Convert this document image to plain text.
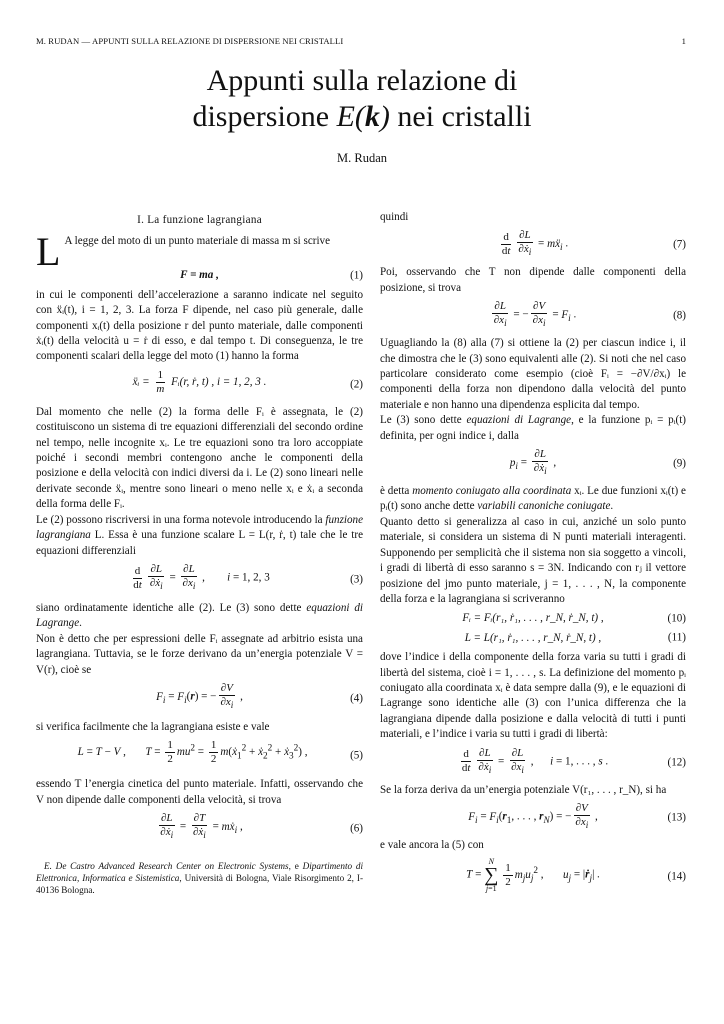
M. RUDAN — APPUNTI SULLA RELAZIONE DI DISPERSIONE NEI CRISTALLI	1
Appunti sulla relazione di
dispersione E(k) nei cristalli
M. Rudan
I. La funzione lagrangiana

L A legge del moto di un punto materiale di massa m si scrive

F = ma ,	(1)

in cui le componenti dell’accelerazione a saranno indicate nel seguito con ẍᵢ(t), i = 1, 2, 3. La forza F dipende, nel caso più generale, dalle componenti xᵢ(t) della posizione r del punto materiale, dalle componenti ẋᵢ(t) della velocità u = ṙ di esso, e dal tempo t. Di conseguenza, le tre componenti scalari della legge del moto (1) hanno la forma

ẍᵢ = $\frac{1}{m}$ Fᵢ(r, ṙ, t) , i = 1, 2, 3 .	(2)

Dal momento che nelle (2) la forma delle Fᵢ è assegnata, le (2) costituiscono un sistema di tre equazioni differenziali del secondo ordine nel tempo, nelle incognite xᵢ. Le tre equazioni sono tra loro accoppiate poiché i secondi membri contengono anche le componenti della posizione e della velocità con indici diversi da i. Le (2) sono lineari nelle derivate seconde ẍᵢ, mentre sono lineari o meno nelle xᵢ e ẋᵢ a seconda della forma delle Fᵢ.

Le (2) possono riscriversi in una forma notevole introducendo la funzione lagrangiana L. Essa è una funzione scalare L = L(r, ṙ, t) tale che le tre equazioni differenziali

$\frac{d}{dt} \frac{\partial L}{\partial ẋ_i} = \frac{\partial L}{\partial x_i}$ ,        i = 1, 2, 3	(3)

siano ordinatamente identiche alle (2). Le (3) sono dette equazioni di Lagrange.

Non è detto che per espressioni delle Fᵢ assegnate ad arbitrio esista una lagrangiana. Tuttavia, se le forze derivano da un’energia potenziale V = V(r), cioè se

$F_i = F_i(r)$ = − $\frac{\partial V}{\partial x_i}$ ,	(4)

si verifica facilmente che la lagrangiana esiste e vale

L = T − V ,       $T = \frac{1}{2} mu^2 = \frac{1}{2}$ m(ẋ$_1^2$ + ẋ$_2^2$ + ẋ$_3^2$) ,	(5)

essendo T l’energia cinetica del punto materiale. Infatti, osservando che V non dipende dalle componenti della velocità, si trova

$\frac{\partial L}{\partial ẋ_i} = \frac{\partial T}{\partial ẋ_i}$ = mẋ$_i$ ,	(6)
E. De Castro Advanced Research Center on Electronic Systems, e Dipartimento di Elettronica, Informatica e Sistemistica, Università di Bologna, Viale Risorgimento 2, I-40136 Bologna.

quindi

$\frac{d}{dt} \frac{\partial L}{\partial ẋ_i}$ = mẍ$_i$ .	(7)

Poi, osservando che T non dipende dalle componenti della posizione, si trova

$\frac{\partial L}{\partial x_i}$ = − $\frac{\partial V}{\partial x_i} = F_i$ .	(8)

Uguagliando la (8) alla (7) si ottiene la (2) per ciascun indice i, il che dimostra che le (3) sono equivalenti alle (2). Si noti che nel caso particolare considerato come esempio (cioè Fᵢ = −∂V/∂xᵢ) le componenti della forza non dipendono dalla velocità del punto materiale e non hanno una dipendenza esplicita dal tempo.

Le (3) sono dette equazioni di Lagrange, e la funzione pᵢ = pᵢ(t) definita, per ogni indice i, dalla

$p_i = \frac{\partial L}{\partial ẋ_i}$ ,	(9)

è detta momento coniugato alla coordinata xᵢ. Le due funzioni xᵢ(t) e pᵢ(t) sono anche dette variabili canoniche coniugate.

Quanto detto si generalizza al caso in cui, anziché un solo punto materiale, si considera un sistema di N punti materiali interagenti. Supponendo per semplicità che il sistema non sia soggetto a vincoli, i gradi di libertà di esso saranno s = 3N. Indicando con rⱼ il vettore posizione del jmo punto materiale, j = 1, . . . , N, la componente della forza e la lagrangiana si scriveranno

Fᵢ = Fᵢ(r₁, ṙ₁, . . . , r_N, ṙ_N, t) ,	(10)
L = L(r₁, ṙ₁, . . . , r_N, ṙ_N, t) ,	(11)

dove l’indice i della componente della forza varia su tutti i gradi di libertà del sistema, cioè i = 1, . . . , s. La definizione del momento pᵢ coniugato alla coordinata xᵢ è data sempre dalla (9), e le equazioni di Lagrange sono identiche alle (3) con l’unica differenza che la lagrangiana dipende dalla posizione e dalla velocità di tutti i punti materiali, e l’indice i varia su tutti i gradi di libertà:

$\frac{d}{dt} \frac{\partial L}{\partial ẋ_i} = \frac{\partial L}{\partial x_i}$ ,      i = 1, . . . , s .	(12)

Se la forza deriva da un’energia potenziale V(r₁, . . . , r_N), si ha

$F_i = F_i(r_1$, . . . , $r_N$) = − $\frac{\partial V}{\partial x_i}$ ,	(13)

e vale ancora la (5) con

T =
N
∑
j=1
$\frac{1}{2} m_ju_j^2$ ,       $u_j$ = |ṙ$_j$| .	(14)
